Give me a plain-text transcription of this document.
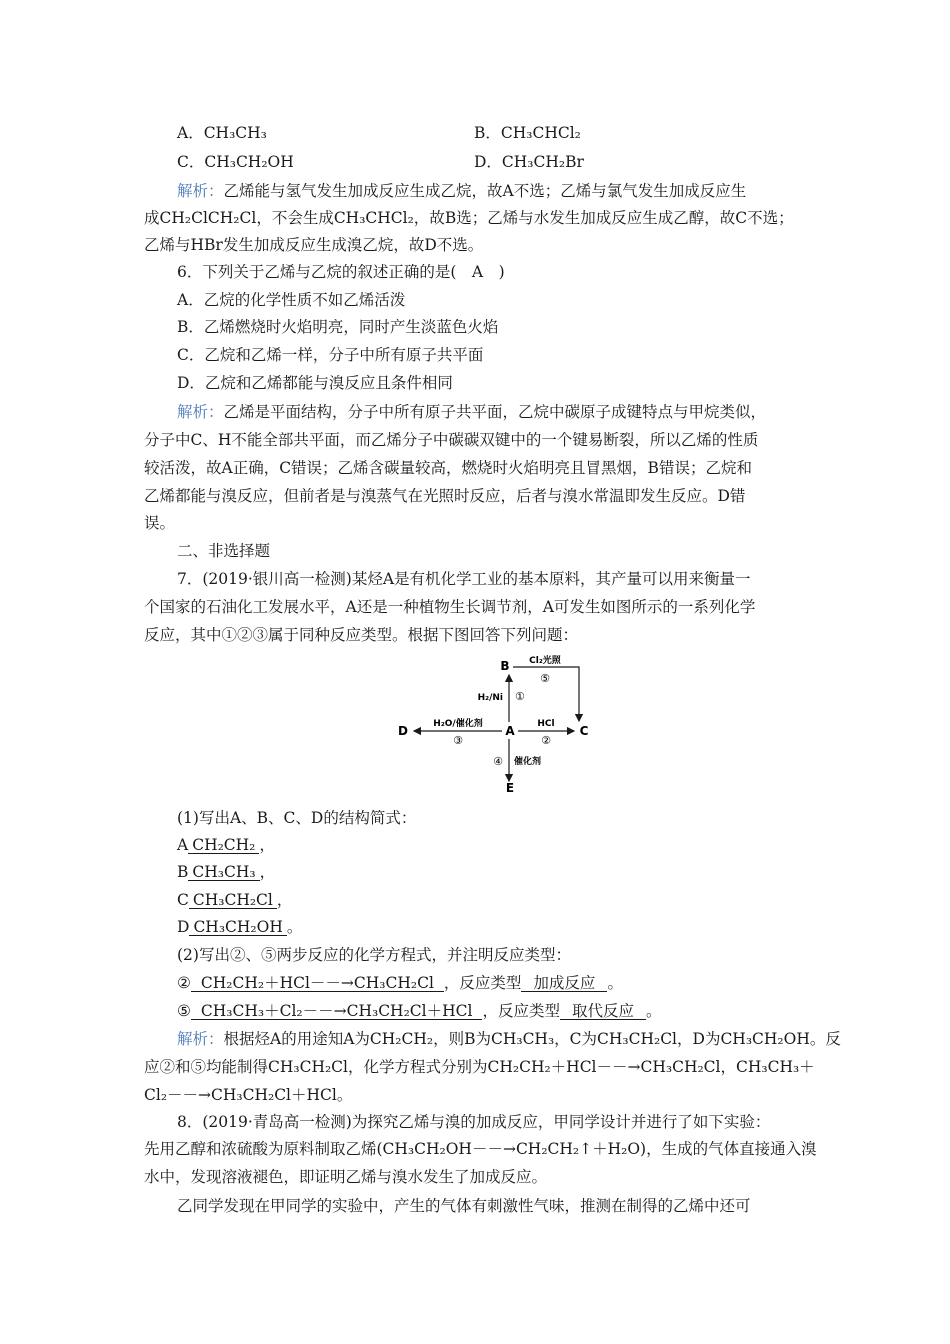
A．CH₃CH₃	B．CH₃CHCl₂
C．CH₃CH₂OH	D．CH₃CH₂Br
解析：乙烯能与氢气发生加成反应生成乙烷，故A不选；乙烯与氯气发生加成反应生
成CH₂ClCH₂Cl，不会生成CH₃CHCl₂，故B选；乙烯与水发生加成反应生成乙醇，故C不选；
乙烯与HBr发生加成反应生成溴乙烷，故D不选。
6．下列关于乙烯与乙烷的叙述正确的是(　A　)
A．乙烷的化学性质不如乙烯活泼
B．乙烯燃烧时火焰明亮，同时产生淡蓝色火焰
C．乙烷和乙烯一样，分子中所有原子共平面
D．乙烷和乙烯都能与溴反应且条件相同
解析：乙烯是平面结构，分子中所有原子共平面，乙烷中碳原子成键特点与甲烷类似，
分子中C、H不能全部共平面，而乙烯分子中碳碳双键中的一个键易断裂，所以乙烯的性质
较活泼，故A正确，C错误；乙烯含碳量较高，燃烧时火焰明亮且冒黑烟，B错误；乙烷和
乙烯都能与溴反应，但前者是与溴蒸气在光照时反应，后者与溴水常温即发生反应。D错
误。
二、非选择题
7．(2019·银川高一检测)某烃A是有机化学工业的基本原料，其产量可以用来衡量一
个国家的石油化工发展水平，A还是一种植物生长调节剂，A可发生如图所示的一系列化学
反应，其中①②③属于同种反应类型。根据下图回答下列问题：
B
A	C
D
E
H₂/Ni ①
Cl₂光照
⑤
H₂O/催化剂
③
HCl
②
④ 催化剂
(1)写出A、B、C、D的结构简式：
A CH₂CH₂ ，
B CH₃CH₃ ，
C CH₃CH₂Cl ，
D CH₃CH₂OH 。
(2)写出②、⑤两步反应的化学方程式，并注明反应类型：
② CH₂CH₂＋HCl－－→CH₃CH₂Cl ，反应类型 加成反应 。
⑤ CH₃CH₃＋Cl₂－－→CH₃CH₂Cl＋HCl ，反应类型 取代反应 。
解析：根据烃A的用途知A为CH₂CH₂，则B为CH₃CH₃，C为CH₃CH₂Cl，D为CH₃CH₂OH。反
应②和⑤均能制得CH₃CH₂Cl，化学方程式分别为CH₂CH₂＋HCl－－→CH₃CH₂Cl，CH₃CH₃＋
Cl₂－－→CH₃CH₂Cl＋HCl。
8．(2019·青岛高一检测)为探究乙烯与溴的加成反应，甲同学设计并进行了如下实验：
先用乙醇和浓硫酸为原料制取乙烯(CH₃CH₂OH－－→CH₂CH₂↑＋H₂O)，生成的气体直接通入溴
水中，发现溶液褪色，即证明乙烯与溴水发生了加成反应。
乙同学发现在甲同学的实验中，产生的气体有刺激性气味，推测在制得的乙烯中还可
